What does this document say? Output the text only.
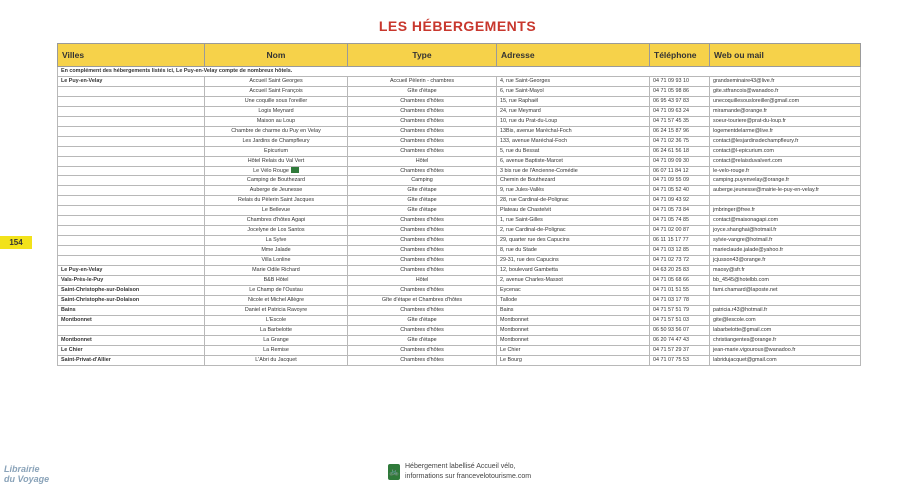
LES HÉBERGEMENTS
154
Villes	Nom	Type	Adresse	Téléphone	Web ou mail
En complément des hébergements listés ici, Le Puy-en-Velay compte de nombreux hôtels.					
Le Puy-en-Velay	Accueil Saint Georges	Accueil Pèlerin - chambres	4, rue Saint-Georges	04 71 09 93 10	grandseminaire43@live.fr
	Accueil Saint François	Gîte d'étape	6, rue Saint-Mayol	04 71 05 98 86	gite.stfrancois@wanadoo.fr
	Une coquille sous l'oreiller	Chambres d'hôtes	15, rue Raphaël	06 95 43 97 83	unecoquillesousloreiller@gmail.com
	Logis Meynard	Chambres d'hôtes	24, rue Meymard	04 71 09 63 24	miramande@orange.fr
	Maison au Loup	Chambres d'hôtes	10, rue du Prat-du-Loup	04 71 57 45 35	soeur-touriere@prat-du-loup.fr
	Chambre de charme du Puy en Velay	Chambres d'hôtes	13Bis, avenue Maréchal-Foch	06 24 15 87 96	logementdelarme@live.fr
	Les Jardins de Champfleury	Chambres d'hôtes	133, avenue Maréchal-Foch	04 71 02 36 75	contact@lesjardinsdechampfleury.fr
	Epicurium	Chambres d'hôtes	5, rue du Bessat	06 24 61 56 18	contact@l-epicurium.com
	Hôtel Relais du Val Vert	Hôtel	6, avenue Baptiste-Marcet	04 71 09 09 30	contact@relaisduvalvert.com
	Le Vélo Rouge	Chambres d'hôtes	3 bis rue de l'Ancienne-Comédie	06 07 11 84 12	le-velo-rouge.fr
	Camping de Bouthezard	Camping	Chemin de Bouthezard	04 71 09 55 09	camping.puyenvelay@orange.fr
	Auberge de Jeunesse	Gîte d'étape	9, rue Jules-Vallès	04 71 05 52 40	auberge.jeunesse@mairie-le-puy-en-velay.fr
	Relais du Pèlerin Saint Jacques	Gîte d'étape	28, rue Cardinal-de-Polignac	04 71 09 43 92	
	Le Bellevue	Gîte d'étape	Plateau de Chastelvit	04 71 05 73 84	jmbringer@free.fr
	Chambres d'hôtes Agapi	Chambres d'hôtes	1, rue Saint-Gilles	04 71 05 74 85	contact@maisonagapi.com
	Jocelyne de Los Santos	Chambres d'hôtes	2, rue Cardinal-de-Polignac	04 71 02 00 87	joyce.shanghai@hotmail.fr
	La Sylve	Chambres d'hôtes	29, quarter rue des Capucins	06 11 15 17 77	sylvie-vangre@hotmail.fr
	Mme Jalade	Chambres d'hôtes	8, rue du Stade	04 71 03 12 85	marieclaude.jalade@yahoo.fr
	Villa Lonline	Chambres d'hôtes	29-31, rue des Capucins	04 71 02 73 72	jcjusson43@orange.fr
Le Puy-en-Velay	Marie Odile Richard	Chambres d'hôtes	12, boulevard Gambetta	04 63 20 25 83	maosy@sfr.fr
Vals-Près-le-Puy	B&B Hôtel	Hôtel	2, avenue Charles-Massot	04 71 05 68 66	bb_4545@hotelbb.com
Saint-Christophe-sur-Dolaison	Le Champ de l'Oustau	Chambres d'hôtes	Eycenac	04 71 01 51 55	fami.chamard@laposte.net
Saint-Christophe-sur-Dolaison	Nicole et Michel Allègre	Gîte d'étape et Chambres d'hôtes	Tallode	04 71 03 17 78	
Bains	Daniel et Patricia Ravoyre	Chambres d'hôtes	Bains	04 71 57 51 79	patricia.r43@hotmail.fr
Montbonnet	L'Escole	Gîte d'étape	Montbonnet	04 71 57 51 03	gite@lescole.com
	La Barbelotte	Chambres d'hôtes	Montbonnet	06 50 93 56 07	labarbelotte@gmail.com
Montbonnet	La Grange	Gîte d'étape	Montbonnet	06 20 74 47 43	christiangentes@orange.fr
Le Chier	La Remise	Chambres d'hôtes	Le Chier	04 71 57 29 37	jean-marie.vigouroux@wanadoo.fr
Saint-Privat-d'Allier	L'Abri du Jacquet	Chambres d'hôtes	Le Bourg	04 71 07 75 53	labridujacquet@gmail.com
🚲
Hébergement labellisé Accueil vélo,
informations sur francevelotourisme.com
Librairie
du Voyage
